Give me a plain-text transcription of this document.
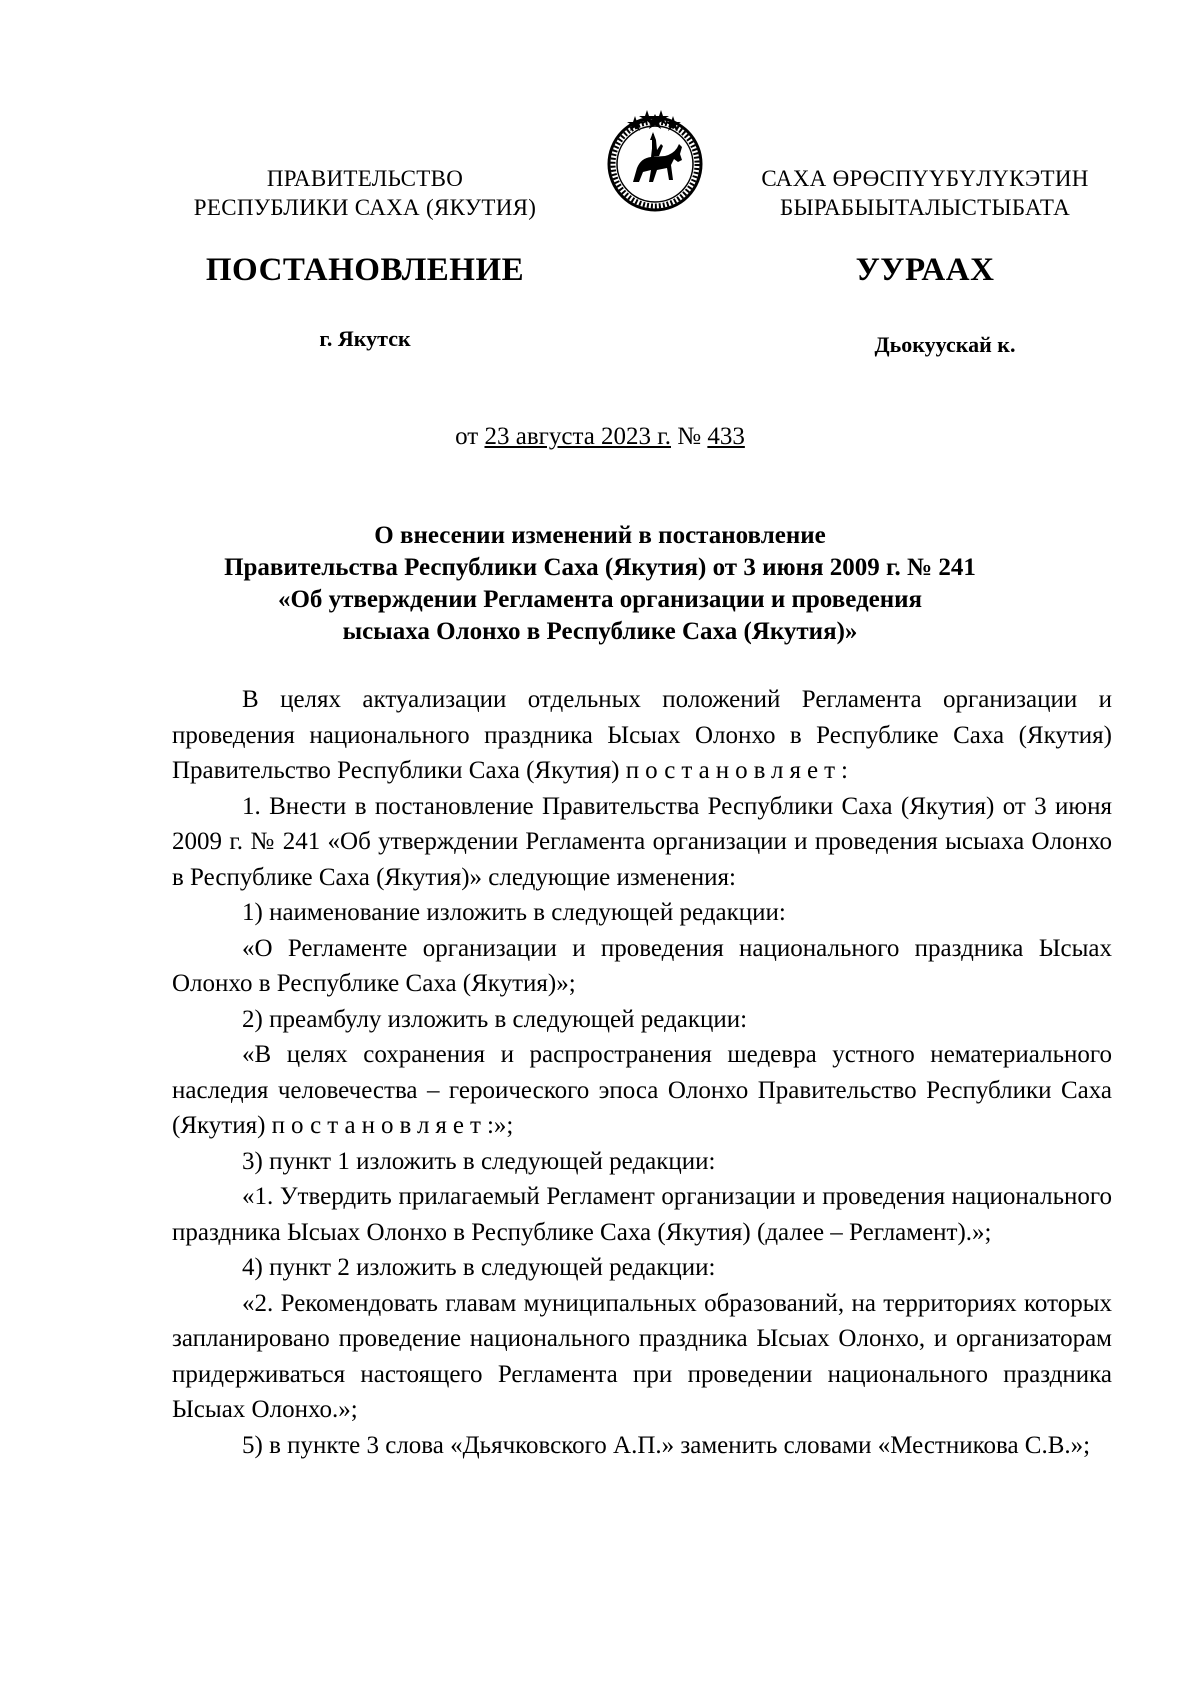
ПРАВИТЕЛЬСТВО
РЕСПУБЛИКИ САХА (ЯКУТИЯ)
САХА ӨРӨСПҮҮБҮЛҮКЭТИН
БЫРАБЫЫТАЛЫСТЫБАТА
ПОСТАНОВЛЕНИЕ	УУРААХ
г. Якутск	Дьокуускай к.
от 23 августа 2023 г. № 433
О внесении изменений в постановление
Правительства Республики Саха (Якутия) от 3 июня 2009 г. № 241
«Об утверждении Регламента организации и проведения
ысыаха Олонхо в Республике Саха (Якутия)»

В целях актуализации отдельных положений Регламента организации и проведения национального праздника Ысыах Олонхо в Республике Саха (Якутия) Правительство Республики Саха (Якутия) постановляет:

1. Внести в постановление Правительства Республики Саха (Якутия) от 3 июня 2009 г. № 241 «Об утверждении Регламента организации и проведения ысыаха Олонхо в Республике Саха (Якутия)» следующие изменения:

1) наименование изложить в следующей редакции:

«О Регламенте организации и проведения национального праздника Ысыах Олонхо в Республике Саха (Якутия)»;

2) преамбулу изложить в следующей редакции:

«В целях сохранения и распространения шедевра устного нематериального наследия человечества – героического эпоса Олонхо Правительство Республики Саха (Якутия) постановляет:»;

3) пункт 1 изложить в следующей редакции:

«1. Утвердить прилагаемый Регламент организации и проведения национального праздника Ысыах Олонхо в Республике Саха (Якутия) (далее – Регламент).»;

4) пункт 2 изложить в следующей редакции:

«2. Рекомендовать главам муниципальных образований, на территориях которых запланировано проведение национального праздника Ысыах Олонхо, и организаторам придерживаться настоящего Регламента при проведении национального праздника Ысыах Олонхо.»;

5) в пункте 3 слова «Дьячковского А.П.» заменить словами «Местникова С.В.»;
